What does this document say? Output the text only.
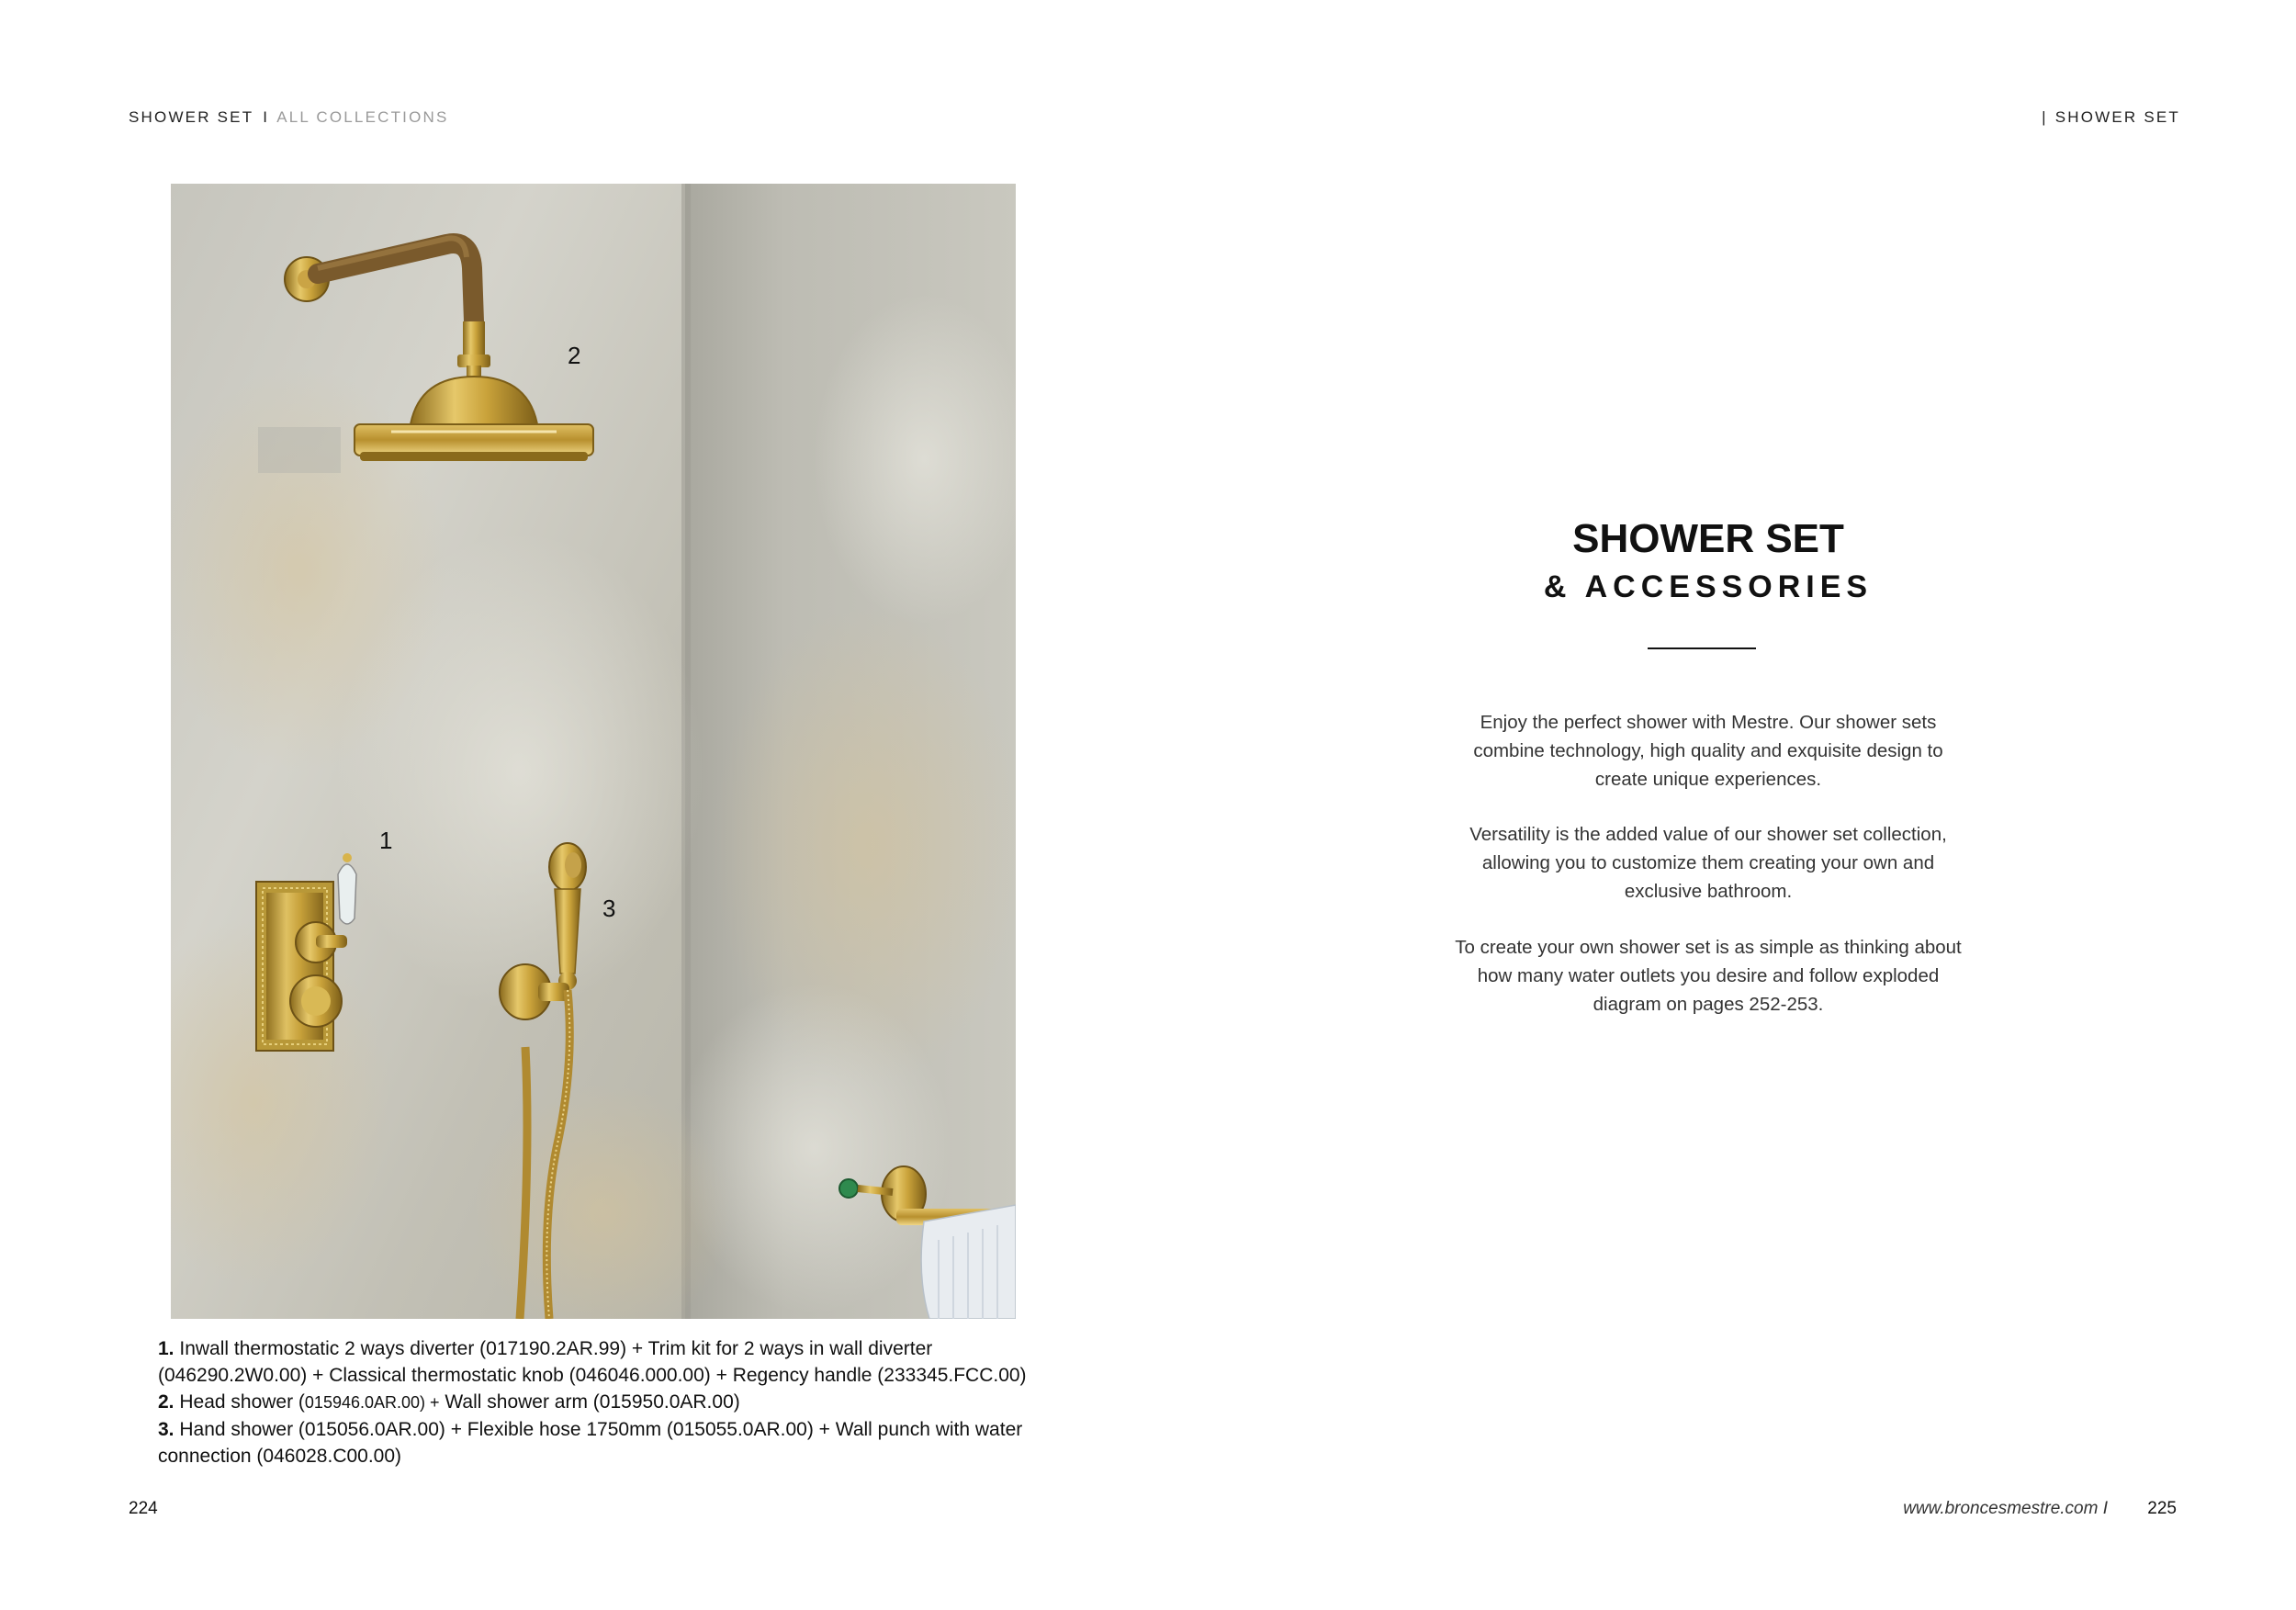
SHOWER SET I ALL COLLECTIONS	| SHOWER SET
2
1
3
1. Inwall thermostatic 2 ways diverter (017190.2AR.99) + Trim kit for 2 ways in wall diverter (046290.2W0.00) + Classical thermostatic knob (046046.000.00) + Regency handle (233345.FCC.00)
2. Head shower (015946.0AR.00) + Wall shower arm (015950.0AR.00)
3. Hand shower (015056.0AR.00) + Flexible hose 1750mm (015055.0AR.00) + Wall punch with water connection (046028.C00.00)
SHOWER SET
& ACCESSORIES
Enjoy the perfect shower with Mestre. Our shower sets combine technology, high quality and exquisite design to create unique experiences.
Versatility is the added value of our shower set collection, allowing you to customize them creating your own and exclusive bathroom.
To create your own shower set is as simple as thinking about how many water outlets you desire and follow exploded diagram on pages 252-253.
224	www.broncesmestre.com I 225
